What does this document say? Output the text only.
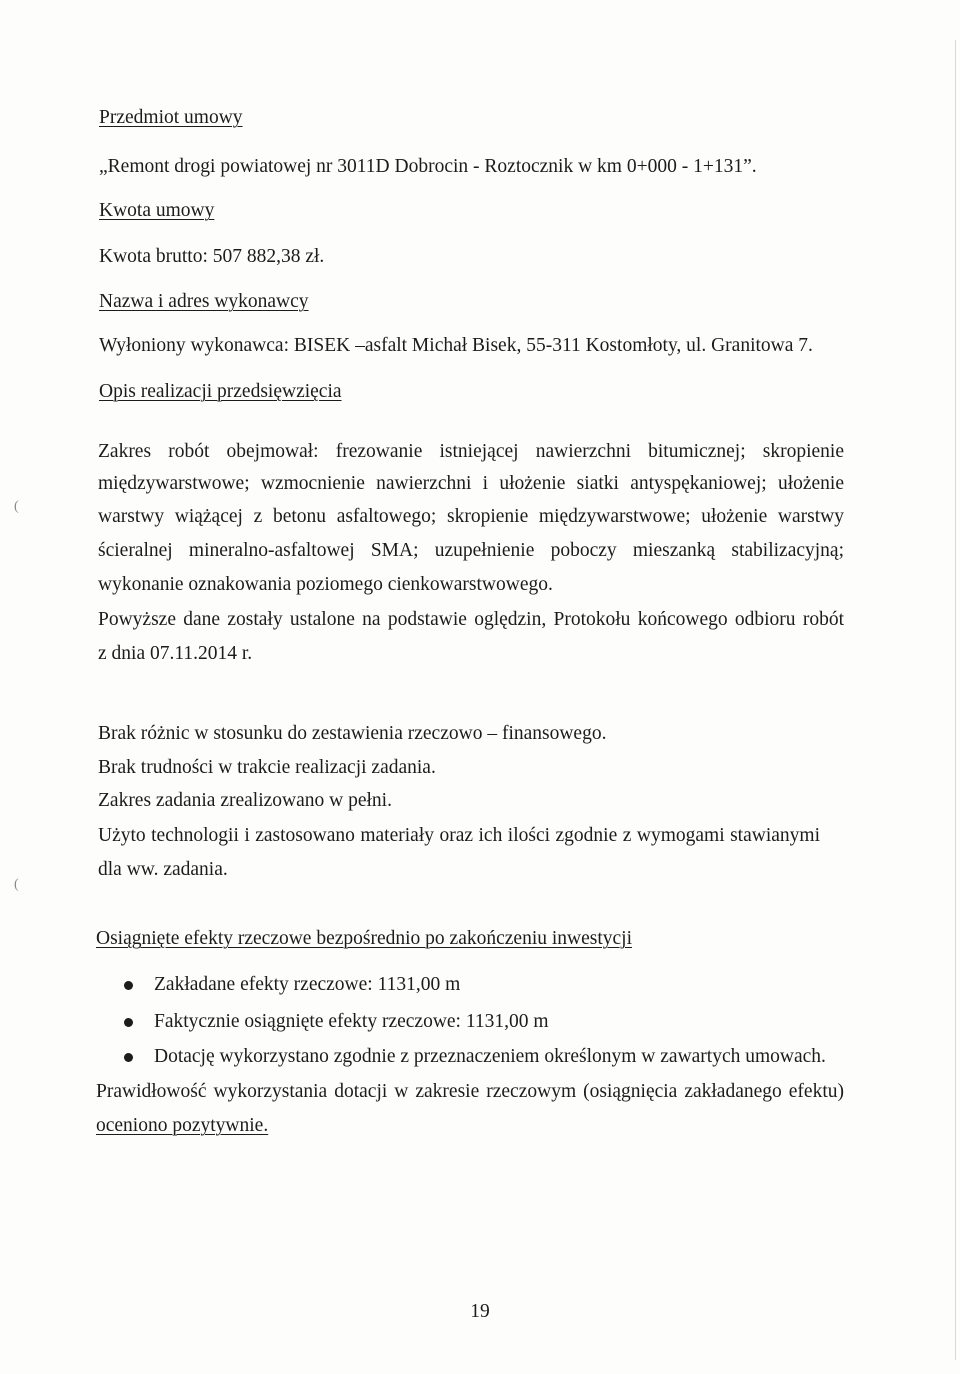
(
(

Przedmiot umowy

„Remont drogi powiatowej nr 3011D Dobrocin - Roztocznik w km 0+000 - 1+131”.

Kwota umowy

Kwota brutto: 507 882,38 zł.

Nazwa i adres wykonawcy

Wyłoniony wykonawca: BISEK –asfalt Michał Bisek, 55-311 Kostomłoty, ul. Granitowa 7.

Opis realizacji przedsięwzięcia

Zakres robót obejmował: frezowanie istniejącej nawierzchni bitumicznej; skropienie

międzywarstwowe; wzmocnienie nawierzchni i ułożenie siatki antyspękaniowej; ułożenie

warstwy wiążącej z betonu asfaltowego; skropienie międzywarstwowe; ułożenie warstwy

ścieralnej mineralno-asfaltowej SMA; uzupełnienie poboczy mieszanką stabilizacyjną;

wykonanie oznakowania poziomego cienkowarstwowego.

Powyższe dane zostały ustalone na podstawie oględzin, Protokołu końcowego odbioru robót

z dnia 07.11.2014 r.

Brak różnic w stosunku do zestawienia rzeczowo – finansowego.

Brak trudności w trakcie realizacji zadania.

Zakres zadania zrealizowano w pełni.

Użyto technologii i zastosowano materiały oraz ich ilości zgodnie z wymogami stawianymi

dla ww. zadania.

Osiągnięte efekty rzeczowe bezpośrednio po zakończeniu inwestycji

Zakładane efekty rzeczowe: 1131,00 m

Faktycznie osiągnięte efekty rzeczowe: 1131,00 m

Dotację wykorzystano zgodnie z przeznaczeniem określonym w zawartych umowach.

Prawidłowość wykorzystania dotacji w zakresie rzeczowym (osiągnięcia zakładanego efektu)

oceniono pozytywnie.

19
